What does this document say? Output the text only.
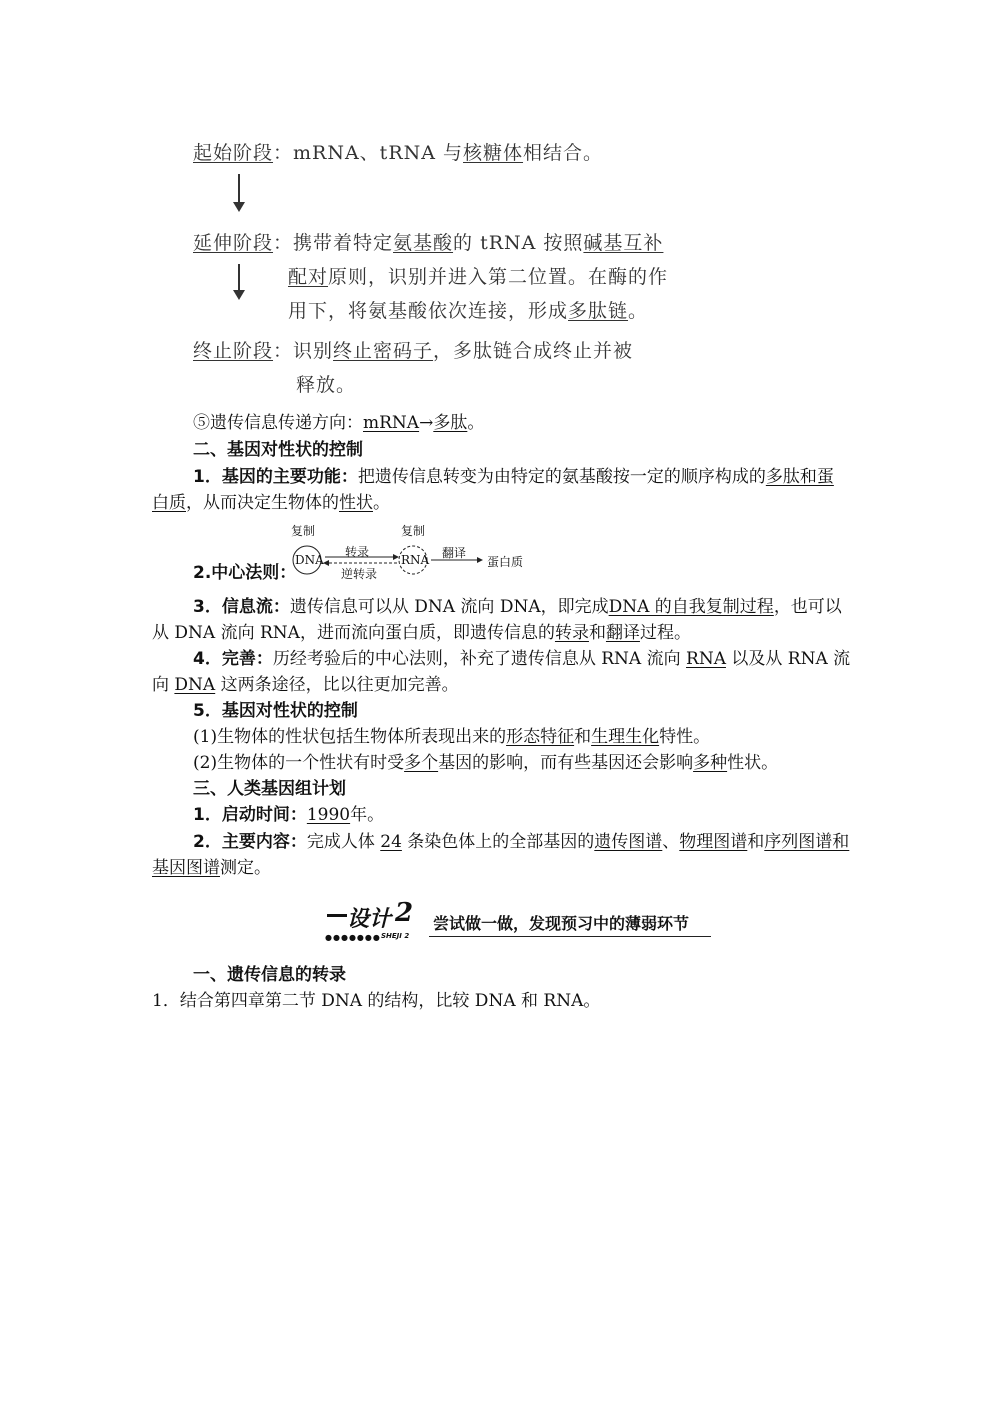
起始阶段：mRNA、tRNA 与核糖体相结合。
延伸阶段：携带着特定氨基酸的 tRNA 按照碱基互补
配对原则，识别并进入第二位置。在酶的作
用下，将氨基酸依次连接，形成多肽链。
终止阶段：识别终止密码子，多肽链合成终止并被
释放。
⑤遗传信息传递方向：mRNA→多肽。
二、基因对性状的控制
1．基因的主要功能：把遗传信息转变为由特定的氨基酸按一定的顺序构成的多肽和蛋
白质，从而决定生物体的性状。
2.中心法则：
复制
DNA
转录
逆转录
复制
RNA 翻译
蛋白质
3．信息流：遗传信息可以从 DNA 流向 DNA，即完成DNA 的自我复制过程，也可以
从 DNA 流向 RNA，进而流向蛋白质，即遗传信息的转录和翻译过程。
4．完善：历经考验后的中心法则，补充了遗传信息从 RNA 流向 RNA 以及从 RNA 流
向 DNA 这两条途径，比以往更加完善。
5．基因对性状的控制
(1)生物体的性状包括生物体所表现出来的形态特征和生理生化特性。
(2)生物体的一个性状有时受多个基因的影响，而有些基因还会影响多种性状。
三、人类基因组计划
1．启动时间：1990年。
2．主要内容：完成人体 24 条染色体上的全部基因的遗传图谱、物理图谱和序列图谱和
基因图谱测定。
设计 2
●●●●●●● SHEJI 2
尝试做一做，发现预习中的薄弱环节
一、遗传信息的转录
1．结合第四章第二节 DNA 的结构，比较 DNA 和 RNA。
